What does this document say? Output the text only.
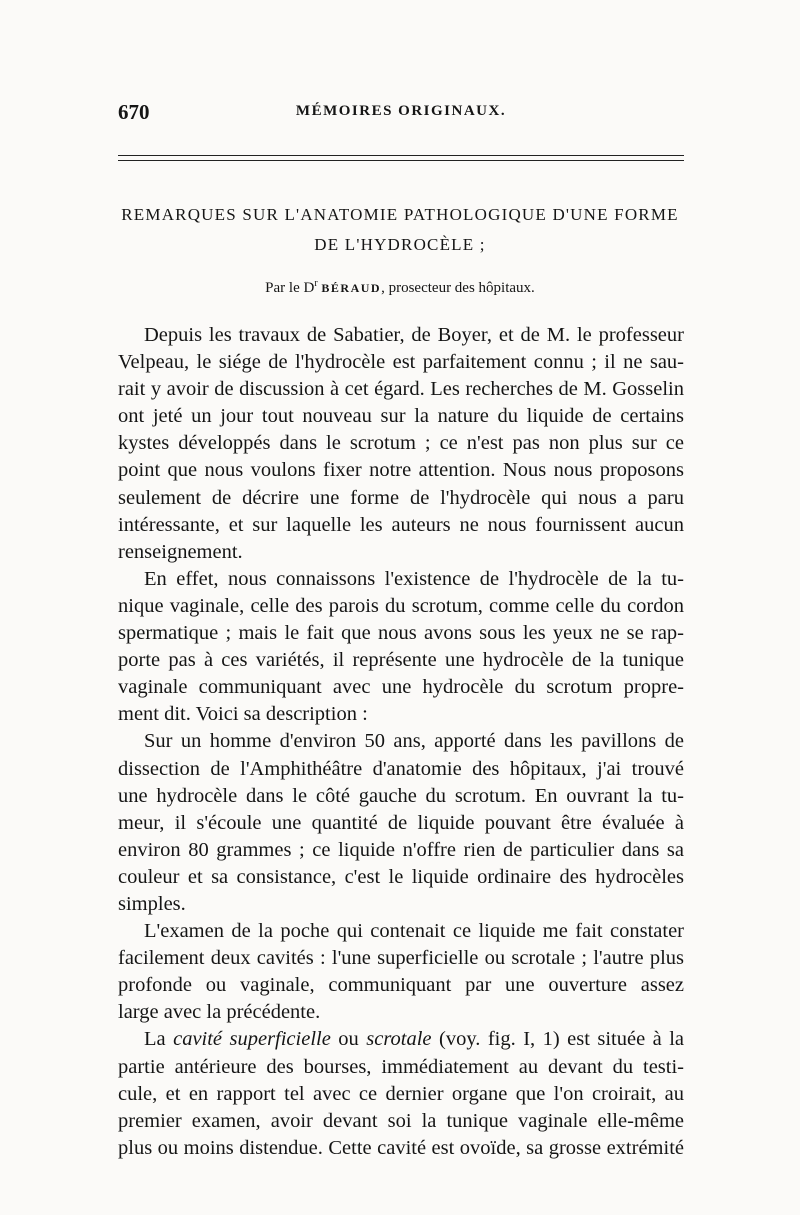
670	MÉMOIRES ORIGINAUX.
REMARQUES SUR L'ANATOMIE PATHOLOGIQUE D'UNE FORME
DE L'HYDROCÈLE ;
Par le $D^r$ BÉRAUD, prosecteur des hôpitaux.
Depuis les travaux de Sabatier, de Boyer, et de M. le professeur
Velpeau, le siége de l'hydrocèle est parfaitement connu ; il ne sau-
rait y avoir de discussion à cet égard. Les recherches de M. Gosselin
ont jeté un jour tout nouveau sur la nature du liquide de certains
kystes développés dans le scrotum ; ce n'est pas non plus sur ce
point que nous voulons fixer notre attention. Nous nous proposons
seulement de décrire une forme de l'hydrocèle qui nous a paru
intéressante, et sur laquelle les auteurs ne nous fournissent aucun
renseignement.
En effet, nous connaissons l'existence de l'hydrocèle de la tu-
nique vaginale, celle des parois du scrotum, comme celle du cordon
spermatique ; mais le fait que nous avons sous les yeux ne se rap-
porte pas à ces variétés, il représente une hydrocèle de la tunique
vaginale communiquant avec une hydrocèle du scrotum propre-
ment dit. Voici sa description :
Sur un homme d'environ 50 ans, apporté dans les pavillons de
dissection de l'Amphithéâtre d'anatomie des hôpitaux, j'ai trouvé
une hydrocèle dans le côté gauche du scrotum. En ouvrant la tu-
meur, il s'écoule une quantité de liquide pouvant être évaluée à
environ 80 grammes ; ce liquide n'offre rien de particulier dans sa
couleur et sa consistance, c'est le liquide ordinaire des hydrocèles
simples.
L'examen de la poche qui contenait ce liquide me fait constater
facilement deux cavités : l'une superficielle ou scrotale ; l'autre plus
profonde ou vaginale, communiquant par une ouverture assez
large avec la précédente.
La cavité superficielle ou scrotale (voy. fig. I, 1) est située à la
partie antérieure des bourses, immédiatement au devant du testi-
cule, et en rapport tel avec ce dernier organe que l'on croirait, au
premier examen, avoir devant soi la tunique vaginale elle-même
plus ou moins distendue. Cette cavité est ovoïde, sa grosse extrémité
